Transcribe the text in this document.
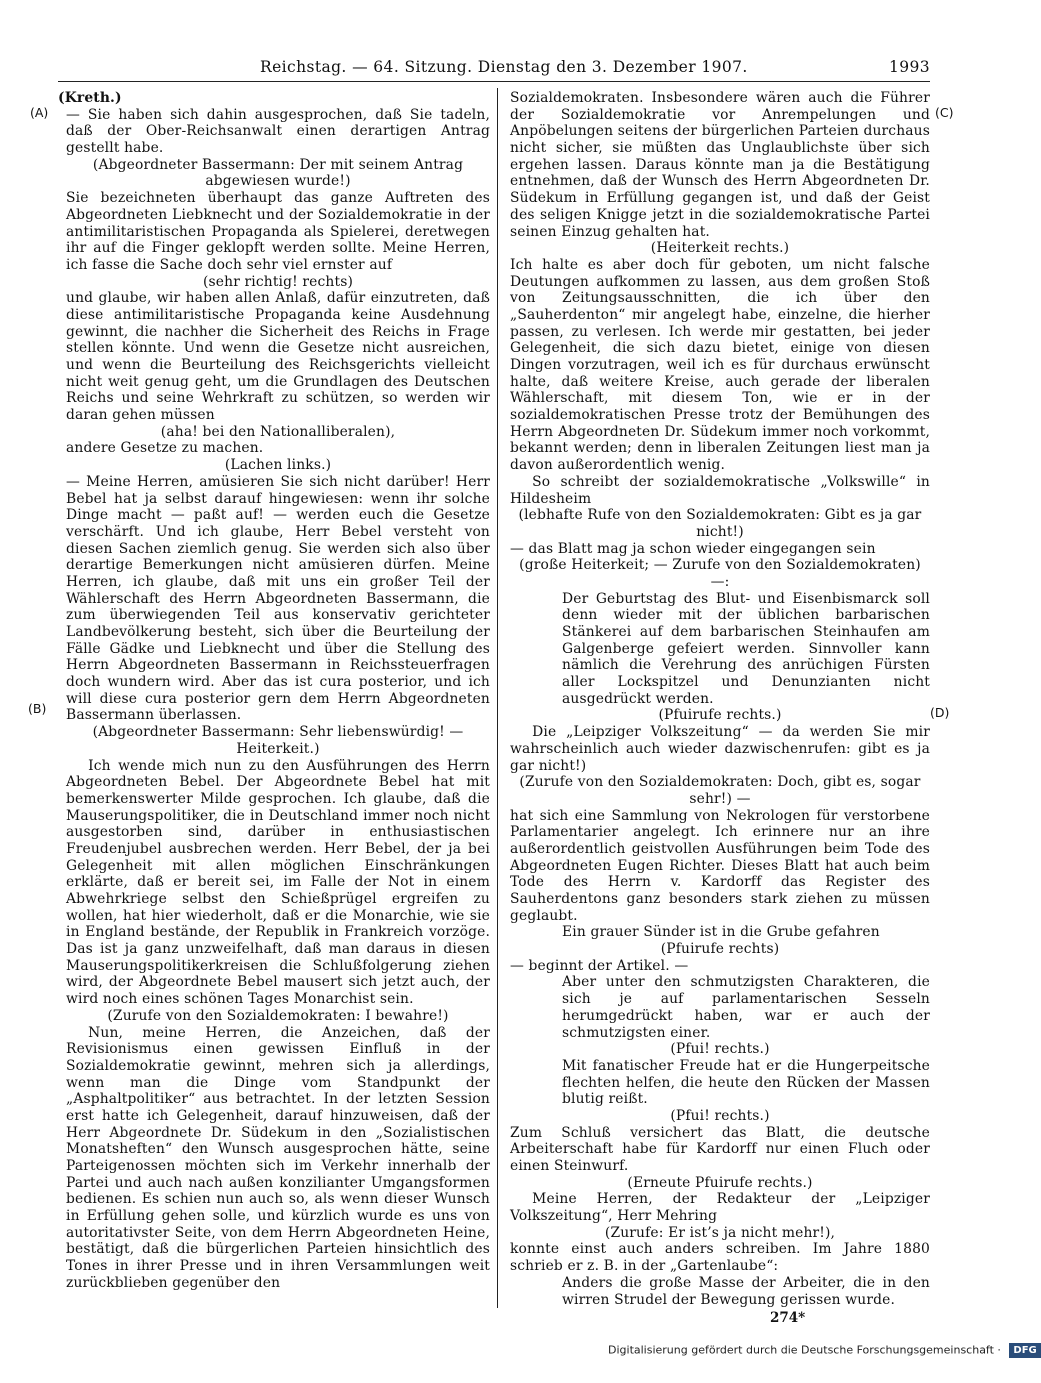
Reichstag. — 64. Sitzung. Dienstag den 3. Dezember 1907.	1993
(A)
(B)
(C)
(D)

(Kreth.)

— Sie haben sich dahin ausgesprochen, daß Sie tadeln, daß der Ober-Reichsanwalt einen derartigen Antrag gestellt habe.

(Abgeordneter Bassermann: Der mit seinem Antrag abgewiesen wurde!)

Sie bezeichneten überhaupt das ganze Auftreten des Abgeordneten Liebknecht und der Sozialdemokratie in der antimilitaristischen Propaganda als Spielerei, deretwegen ihr auf die Finger geklopft werden sollte. Meine Herren, ich fasse die Sache doch sehr viel ernster auf

(sehr richtig! rechts)

und glaube, wir haben allen Anlaß, dafür einzutreten, daß diese antimilitaristische Propaganda keine Ausdehnung gewinnt, die nachher die Sicherheit des Reichs in Frage stellen könnte. Und wenn die Gesetze nicht ausreichen, und wenn die Beurteilung des Reichsgerichts vielleicht nicht weit genug geht, um die Grundlagen des Deutschen Reichs und seine Wehrkraft zu schützen, so werden wir daran gehen müssen

(aha! bei den Nationalliberalen),

andere Gesetze zu machen.

(Lachen links.)

— Meine Herren, amüsieren Sie sich nicht darüber! Herr Bebel hat ja selbst darauf hingewiesen: wenn ihr solche Dinge macht — paßt auf! — werden euch die Gesetze verschärft. Und ich glaube, Herr Bebel versteht von diesen Sachen ziemlich genug. Sie werden sich also über derartige Bemerkungen nicht amüsieren dürfen. Meine Herren, ich glaube, daß mit uns ein großer Teil der Wählerschaft des Herrn Abgeordneten Bassermann, die zum überwiegenden Teil aus konservativ gerichteter Landbevölkerung besteht, sich über die Beurteilung der Fälle Gädke und Liebknecht und über die Stellung des Herrn Abgeordneten Bassermann in Reichssteuerfragen doch wundern wird. Aber das ist cura posterior, und ich will diese cura posterior gern dem Herrn Abgeordneten Bassermann überlassen.

(Abgeordneter Bassermann: Sehr liebenswürdig! — Heiterkeit.)

Ich wende mich nun zu den Ausführungen des Herrn Abgeordneten Bebel. Der Abgeordnete Bebel hat mit bemerkenswerter Milde gesprochen. Ich glaube, daß die Mauserungspolitiker, die in Deutschland immer noch nicht ausgestorben sind, darüber in enthusiastischen Freudenjubel ausbrechen werden. Herr Bebel, der ja bei Gelegenheit mit allen möglichen Einschränkungen erklärte, daß er bereit sei, im Falle der Not in einem Abwehrkriege selbst den Schießprügel ergreifen zu wollen, hat hier wiederholt, daß er die Monarchie, wie sie in England bestände, der Republik in Frankreich vorzöge. Das ist ja ganz unzweifelhaft, daß man daraus in diesen Mauserungspolitikerkreisen die Schlußfolgerung ziehen wird, der Abgeordnete Bebel mausert sich jetzt auch, der wird noch eines schönen Tages Monarchist sein.

(Zurufe von den Sozialdemokraten: I bewahre!)

Nun, meine Herren, die Anzeichen, daß der Revisionismus einen gewissen Einfluß in der Sozialdemokratie gewinnt, mehren sich ja allerdings, wenn man die Dinge vom Standpunkt der „Asphaltpolitiker“ aus betrachtet. In der letzten Session erst hatte ich Gelegenheit, darauf hinzuweisen, daß der Herr Abgeordnete Dr. Südekum in den „Sozialistischen Monatsheften“ den Wunsch ausgesprochen hätte, seine Parteigenossen möchten sich im Verkehr innerhalb der Partei und auch nach außen konzilianter Umgangsformen bedienen. Es schien nun auch so, als wenn dieser Wunsch in Erfüllung gehen solle, und kürzlich wurde es uns von autoritativster Seite, von dem Herrn Abgeordneten Heine, bestätigt, daß die bürgerlichen Parteien hinsichtlich des Tones in ihrer Presse und in ihren Versammlungen weit zurückblieben gegenüber den

Sozialdemokraten. Insbesondere wären auch die Führer der Sozialdemokratie vor Anrempelungen und Anpöbelungen seitens der bürgerlichen Parteien durchaus nicht sicher, sie müßten das Unglaublichste über sich ergehen lassen. Daraus könnte man ja die Bestätigung entnehmen, daß der Wunsch des Herrn Abgeordneten Dr. Südekum in Erfüllung gegangen ist, und daß der Geist des seligen Knigge jetzt in die sozialdemokratische Partei seinen Einzug gehalten hat.

(Heiterkeit rechts.)

Ich halte es aber doch für geboten, um nicht falsche Deutungen aufkommen zu lassen, aus dem großen Stoß von Zeitungsausschnitten, die ich über den „Sauherdenton“ mir angelegt habe, einzelne, die hierher passen, zu verlesen. Ich werde mir gestatten, bei jeder Gelegenheit, die sich dazu bietet, einige von diesen Dingen vorzutragen, weil ich es für durchaus erwünscht halte, daß weitere Kreise, auch gerade der liberalen Wählerschaft, mit diesem Ton, wie er in der sozialdemokratischen Presse trotz der Bemühungen des Herrn Abgeordneten Dr. Südekum immer noch vorkommt, bekannt werden; denn in liberalen Zeitungen liest man ja davon außerordentlich wenig.

So schreibt der sozialdemokratische „Volkswille“ in Hildesheim

(lebhafte Rufe von den Sozialdemokraten: Gibt es ja gar nicht!)

— das Blatt mag ja schon wieder eingegangen sein

(große Heiterkeit; — Zurufe von den Sozialdemokraten) —:

Der Geburtstag des Blut- und Eisenbismarck soll denn wieder mit der üblichen barbarischen Stänkerei auf dem barbarischen Steinhaufen am Galgenberge gefeiert werden. Sinnvoller kann nämlich die Verehrung des anrüchigen Fürsten aller Lockspitzel und Denunzianten nicht ausgedrückt werden.

(Pfuirufe rechts.)

Die „Leipziger Volkszeitung“ — da werden Sie mir wahrscheinlich auch wieder dazwischenrufen: gibt es ja gar nicht!)

(Zurufe von den Sozialdemokraten: Doch, gibt es, sogar sehr!) —

hat sich eine Sammlung von Nekrologen für verstorbene Parlamentarier angelegt. Ich erinnere nur an ihre außerordentlich geistvollen Ausführungen beim Tode des Abgeordneten Eugen Richter. Dieses Blatt hat auch beim Tode des Herrn v. Kardorff das Register des Sauherdentons ganz besonders stark ziehen zu müssen geglaubt.

Ein grauer Sünder ist in die Grube gefahren

(Pfuirufe rechts)

— beginnt der Artikel. —

Aber unter den schmutzigsten Charakteren, die sich je auf parlamentarischen Sesseln herumgedrückt haben, war er auch der schmutzigsten einer.

(Pfui! rechts.)

Mit fanatischer Freude hat er die Hungerpeitsche flechten helfen, die heute den Rücken der Massen blutig reißt.

(Pfui! rechts.)

Zum Schluß versichert das Blatt, die deutsche Arbeiterschaft habe für Kardorff nur einen Fluch oder einen Steinwurf.

(Erneute Pfuirufe rechts.)

Meine Herren, der Redakteur der „Leipziger Volkszeitung“, Herr Mehring

(Zurufe: Er ist’s ja nicht mehr!),

konnte einst auch anders schreiben. Im Jahre 1880 schrieb er z. B. in der „Gartenlaube“:

Anders die große Masse der Arbeiter, die in den wirren Strudel der Bewegung gerissen wurde.

274*
Digitalisierung gefördert durch die Deutsche Forschungsgemeinschaft · DFG
